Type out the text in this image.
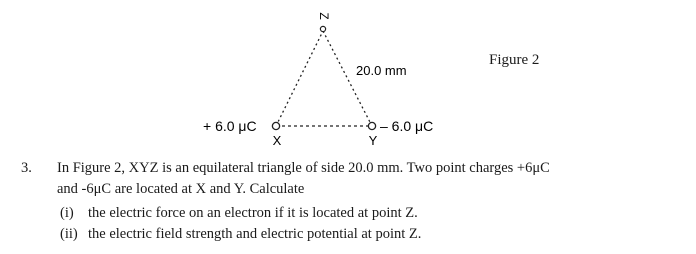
Z
20.0 mm
+ 6.0 μC	– 6.0 μC
X	Y
Figure 2
3. In Figure 2, XYZ is an equilateral triangle of side 20.0 mm. Two point charges +6μC
and -6μC are located at X and Y. Calculate
(i) the electric force on an electron if it is located at point Z.
(ii) the electric field strength and electric potential at point Z.
